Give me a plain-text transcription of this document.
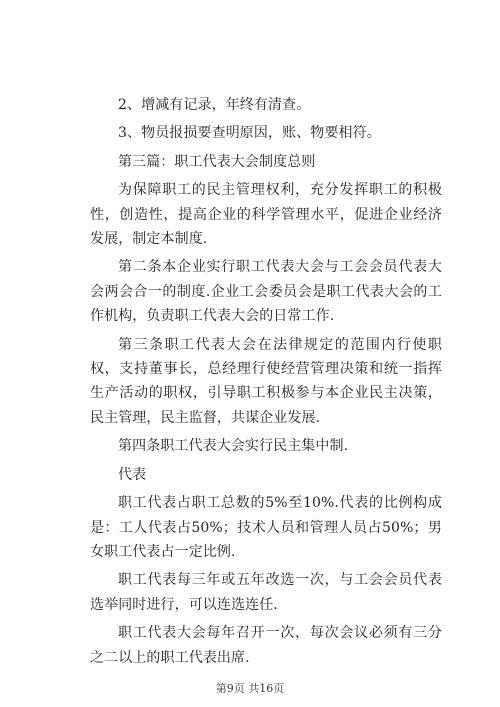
2、增减有记录，年终有清查。

3、物员报损要查明原因，账、物要相符。

第三篇：职工代表大会制度总则

为保障职工的民主管理权利，充分发挥职工的积极性，创造性，提高企业的科学管理水平，促进企业经济发展，制定本制度.

第二条本企业实行职工代表大会与工会会员代表大会两会合一的制度.企业工会委员会是职工代表大会的工作机构，负责职工代表大会的日常工作.

第三条职工代表大会在法律规定的范围内行使职权，支持董事长，总经理行使经营管理决策和统一指挥生产活动的职权，引导职工积极参与本企业民主决策，民主管理，民主监督，共谋企业发展.

第四条职工代表大会实行民主集中制.

代表

职工代表占职工总数的5%至10%.代表的比例构成是：工人代表占50%；技术人员和管理人员占50%；男女职工代表占一定比例.

职工代表每三年或五年改选一次，与工会会员代表选举同时进行，可以连选连任.

职工代表大会每年召开一次，每次会议必须有三分之二以上的职工代表出席.

第9页 共16页
